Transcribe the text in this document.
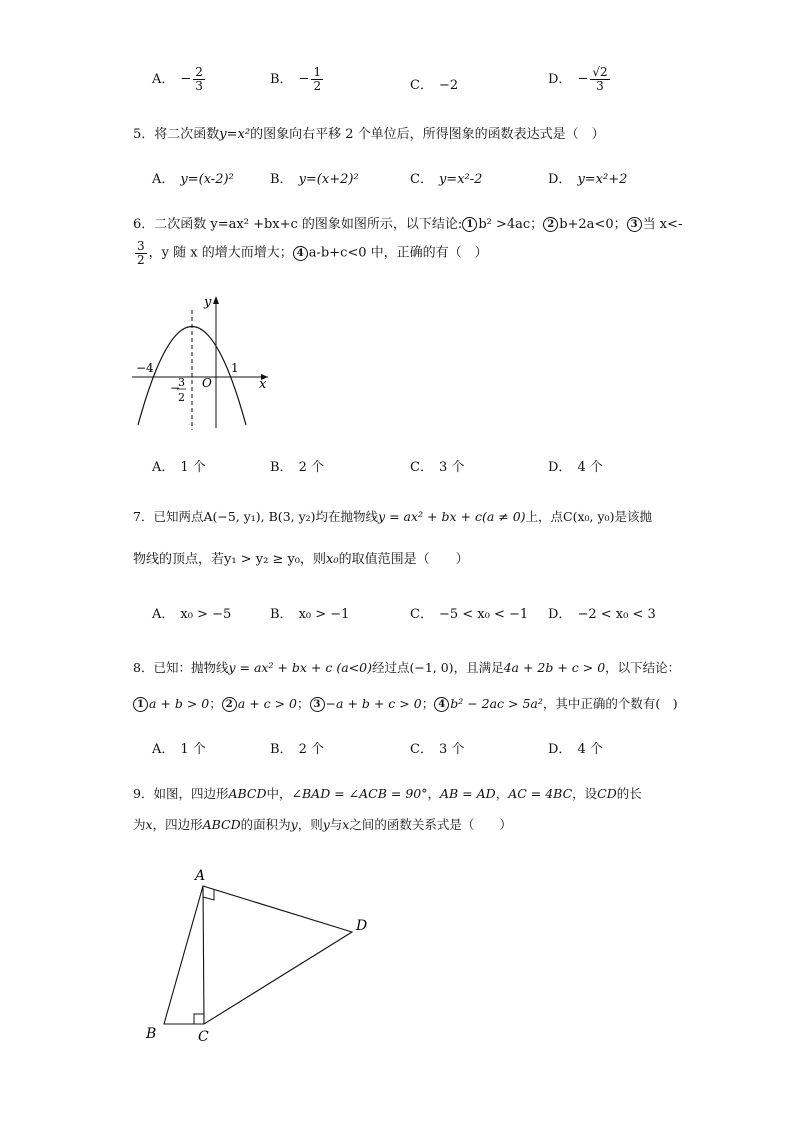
A． − $\frac{2}{3}$	B． − $\frac{1}{2}$	C． −2	D． − $\frac{√2}{3}$
5．将二次函数y=x²的图象向右平移 2 个单位后，所得图象的函数表达式是（　）
A． y=(x-2)²	B． y=(x+2)²	C． y=x²-2	D． y=x²+2
6．二次函数 y=ax² +bx+c 的图象如图所示，以下结论: 1 b² >4ac； 2 b+2a<0； 3 当 x<-
$\frac{3}{2}$ ，y 随 x 的增大而增大； 4 a-b+c<0 中，正确的有（　）
y
x
O
−4	1
−
3
2
A． 1 个	B． 2 个	C． 3 个	D． 4 个
7．已知两点A(−5, y₁), B(3, y₂)均在抛物线y = ax² + bx + c(a ≠ 0)上，点C(x₀, y₀)是该抛
物线的顶点，若y₁ > y₂ ≥ y₀，则x₀的取值范围是（　　）
A． x₀ > −5	B． x₀ > −1	C． −5 < x₀ < −1 D． −2 < x₀ < 3
8．已知：抛物线y = ax² + bx + c (a<0)经过点(−1, 0)，且满足4a + 2b + c > 0，以下结论：
1 a + b > 0； 2 a + c > 0； 3 −a + b + c > 0； 4 b² − 2ac > 5a²，其中正确的个数有(　)
A． 1 个	B． 2 个	C． 3 个	D． 4 个
9．如图，四边形ABCD中，∠BAD = ∠ACB = 90°，AB = AD，AC = 4BC，设CD的长
为x，四边形ABCD的面积为y，则y与x之间的函数关系式是（　　）
A
D
B	C
